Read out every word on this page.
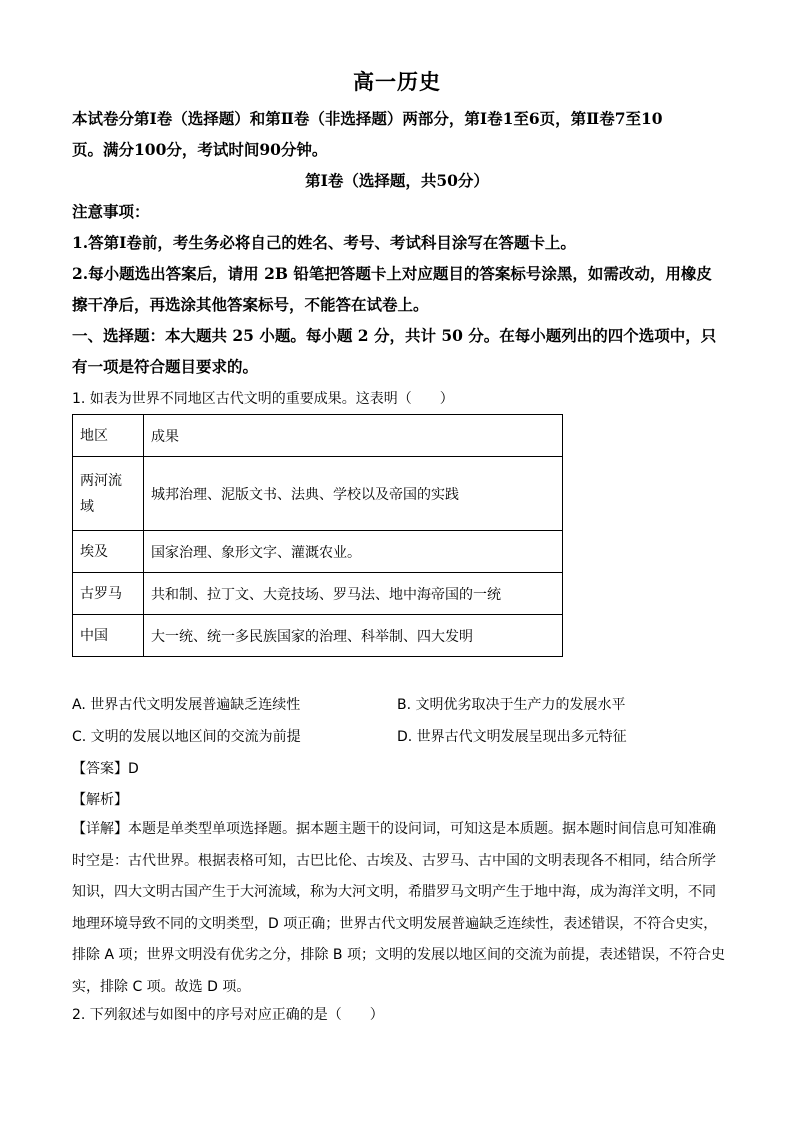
高一历史
本试卷分第Ⅰ卷（选择题）和第Ⅱ卷（非选择题）两部分，第Ⅰ卷1至6页，第Ⅱ卷7至10
页。满分100分，考试时间90分钟。
第Ⅰ卷（选择题，共50分）
注意事项：
1.答第Ⅰ卷前，考生务必将自己的姓名、考号、考试科目涂写在答题卡上。
2.每小题选出答案后，请用 2B 铅笔把答题卡上对应题目的答案标号涂黑，如需改动，用橡皮
擦干净后，再选涂其他答案标号，不能答在试卷上。
一、选择题：本大题共 25 小题。每小题 2 分，共计 50 分。在每小题列出的四个选项中，只
有一项是符合题目要求的。
1. 如表为世界不同地区古代文明的重要成果。这表明（　　）
地区	成果

两河流
域	城邦治理、泥版文书、法典、学校以及帝国的实践
埃及	国家治理、象形文字、灌溉农业。
古罗马	共和制、拉丁文、大竞技场、罗马法、地中海帝国的一统
中国	大一统、统一多民族国家的治理、科举制、四大发明
A. 世界古代文明发展普遍缺乏连续性	B. 文明优劣取决于生产力的发展水平
C. 文明的发展以地区间的交流为前提	D. 世界古代文明发展呈现出多元特征
【答案】D
【解析】
【详解】本题是单类型单项选择题。据本题主题干的设问词，可知这是本质题。据本题时间信息可知准确
时空是：古代世界。根据表格可知，古巴比伦、古埃及、古罗马、古中国的文明表现各不相同，结合所学
知识，四大文明古国产生于大河流域，称为大河文明，希腊罗马文明产生于地中海，成为海洋文明，不同
地理环境导致不同的文明类型，D 项正确；世界古代文明发展普遍缺乏连续性，表述错误，不符合史实，
排除 A 项；世界文明没有优劣之分，排除 B 项；文明的发展以地区间的交流为前提，表述错误，不符合史
实，排除 C 项。故选 D 项。
2. 下列叙述与如图中的序号对应正确的是（　　）
